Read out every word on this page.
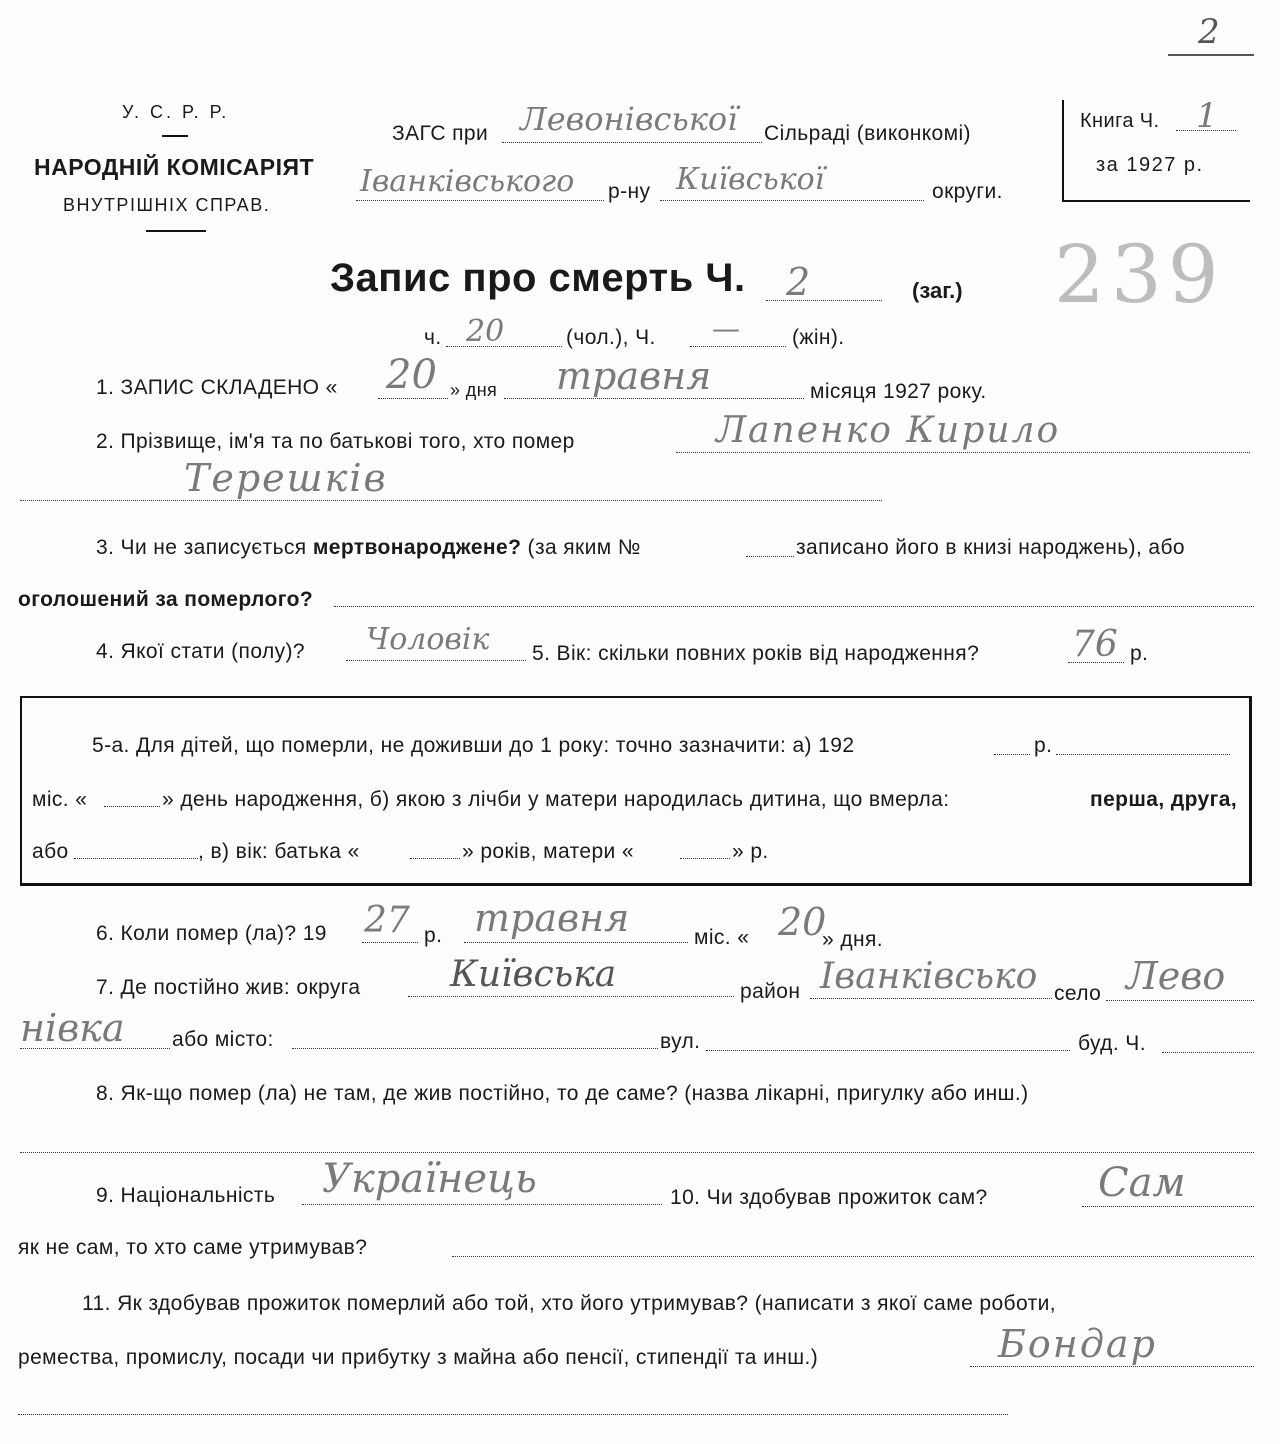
2
У. С. Р. Р.
НАРОДНІЙ КОМІСАРІЯТ
ВНУТРІШНІХ СПРАВ.
ЗАГС при Левонівської Сільраді (виконкомі)
Іванківського р-ну Київської	округи.
Книга Ч. 1
за 1927 р.
239
Запис про смерть Ч. 2	(заг.)
ч. 20	(чол.), Ч. — (жін).
1. ЗАПИС СКЛАДЕНО « 20 » дня травня	місяця 1927 року.
2. Прізвище, ім'я та по батькові того, хто помер	Лапенко Кирило
Терешків
3. Чи не записується мертвонароджене? (за яким №	записано його в книзі народжень), або
оголошений за померлого?
4. Якої стати (полу)? Чоловік 5. Вік: скільки повних років від народження?	76 р.
5-а. Для дітей, що померли, не доживши до 1 року: точно зазначити: а) 192	р.
міс. «	» день народження, б) якою з лічби у матери народилась дитина, що вмерла:	перша, друга,
або	, в) вік: батька «	» років, матери «	» р.
6. Коли помер (ла)? 19 27 р. травня	міс. « 20
» дня.
7. Де постійно жив: округа Київська	район Іванківсько село Лево
нівка або місто:	вул.	буд. Ч.
8. Як-що помер (ла) не там, де жив постійно, то де саме? (назва лікарні, пригулку або инш.)
9. Національність Українець	10. Чи здобував прожиток сам?	Сам
як не сам, то хто саме утримував?
11. Як здобував прожиток померлий або той, хто його утримував? (написати з якої саме роботи,
ремества, промислу, посади чи прибутку з майна або пенсії, стипендії та инш.)	Бондар
